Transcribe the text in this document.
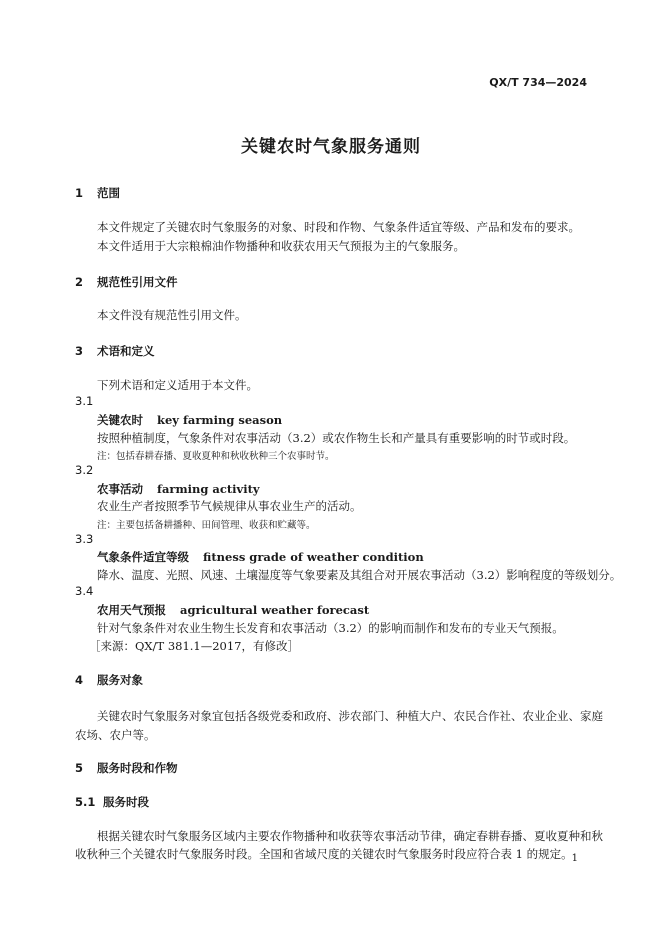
QX/T 734—2024
关键农时气象服务通则
1 范围
本文件规定了关键农时气象服务的对象、时段和作物、气象条件适宜等级、产品和发布的要求。
本文件适用于大宗粮棉油作物播种和收获农用天气预报为主的气象服务。
2 规范性引用文件
本文件没有规范性引用文件。
3 术语和定义
下列术语和定义适用于本文件。
3.1
关键农时 key farming season
按照种植制度，气象条件对农事活动（3.2）或农作物生长和产量具有重要影响的时节或时段。
注：包括春耕春播、夏收夏种和秋收秋种三个农事时节。
3.2
农事活动 farming activity
农业生产者按照季节气候规律从事农业生产的活动。
注：主要包括备耕播种、田间管理、收获和贮藏等。
3.3
气象条件适宜等级 fitness grade of weather condition
降水、温度、光照、风速、土壤湿度等气象要素及其组合对开展农事活动（3.2）影响程度的等级划分。
3.4
农用天气预报 agricultural weather forecast
针对气象条件对农业生物生长发育和农事活动（3.2）的影响而制作和发布的专业天气预报。
［来源：QX/T 381.1—2017，有修改］
4 服务对象
关键农时气象服务对象宜包括各级党委和政府、涉农部门、种植大户、农民合作社、农业企业、家庭
农场、农户等。
5 服务时段和作物
5.1 服务时段
根据关键农时气象服务区域内主要农作物播种和收获等农事活动节律，确定春耕春播、夏收夏种和秋
收秋种三个关键农时气象服务时段。全国和省域尺度的关键农时气象服务时段应符合表 1 的规定。 1
